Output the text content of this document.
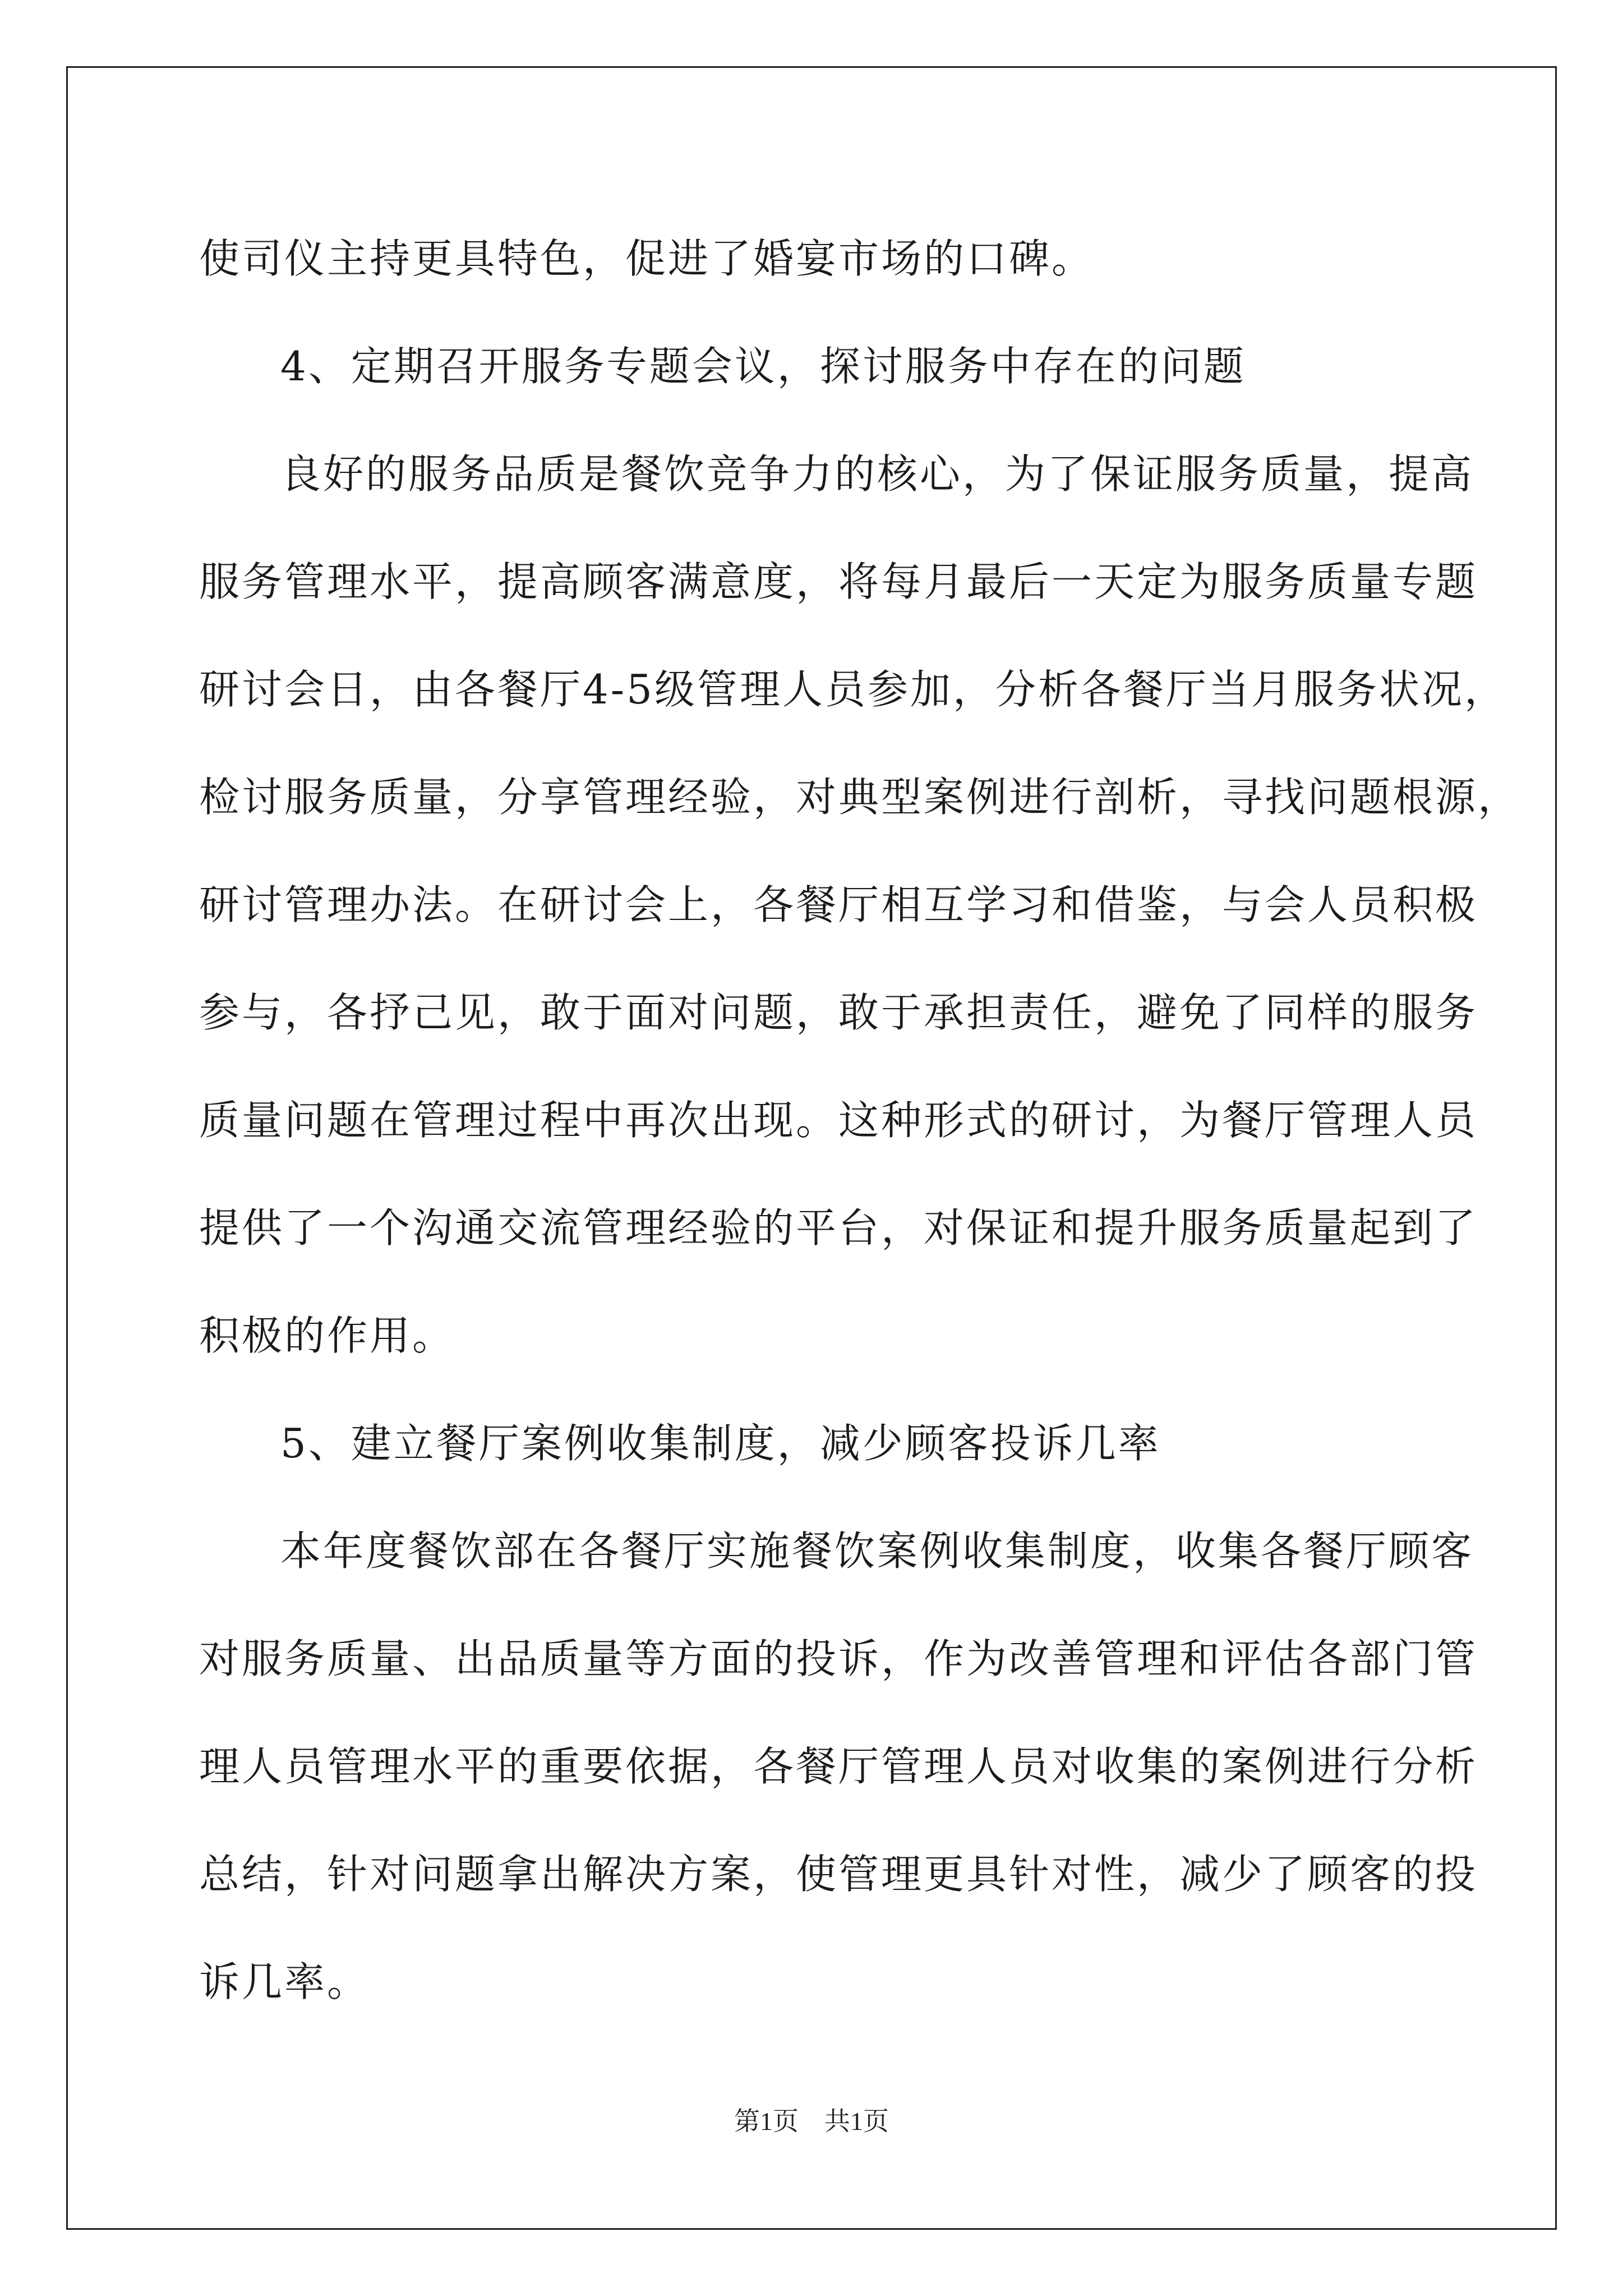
使司仪主持更具特色，促进了婚宴市场的口碑。
4、定期召开服务专题会议，探讨服务中存在的问题
良好的服务品质是餐饮竞争力的核心，为了保证服务质量，提高
服务管理水平，提高顾客满意度，将每月最后一天定为服务质量专题
研讨会日，由各餐厅4-5级管理人员参加，分析各餐厅当月服务状况，
检讨服务质量，分享管理经验，对典型案例进行剖析，寻找问题根源，
研讨管理办法。在研讨会上，各餐厅相互学习和借鉴，与会人员积极
参与，各抒己见，敢于面对问题，敢于承担责任，避免了同样的服务
质量问题在管理过程中再次出现。这种形式的研讨，为餐厅管理人员
提供了一个沟通交流管理经验的平台，对保证和提升服务质量起到了
积极的作用。
5、建立餐厅案例收集制度，减少顾客投诉几率
本年度餐饮部在各餐厅实施餐饮案例收集制度，收集各餐厅顾客
对服务质量、出品质量等方面的投诉，作为改善管理和评估各部门管
理人员管理水平的重要依据，各餐厅管理人员对收集的案例进行分析
总结，针对问题拿出解决方案，使管理更具针对性，减少了顾客的投
诉几率。
第1页　共1页
